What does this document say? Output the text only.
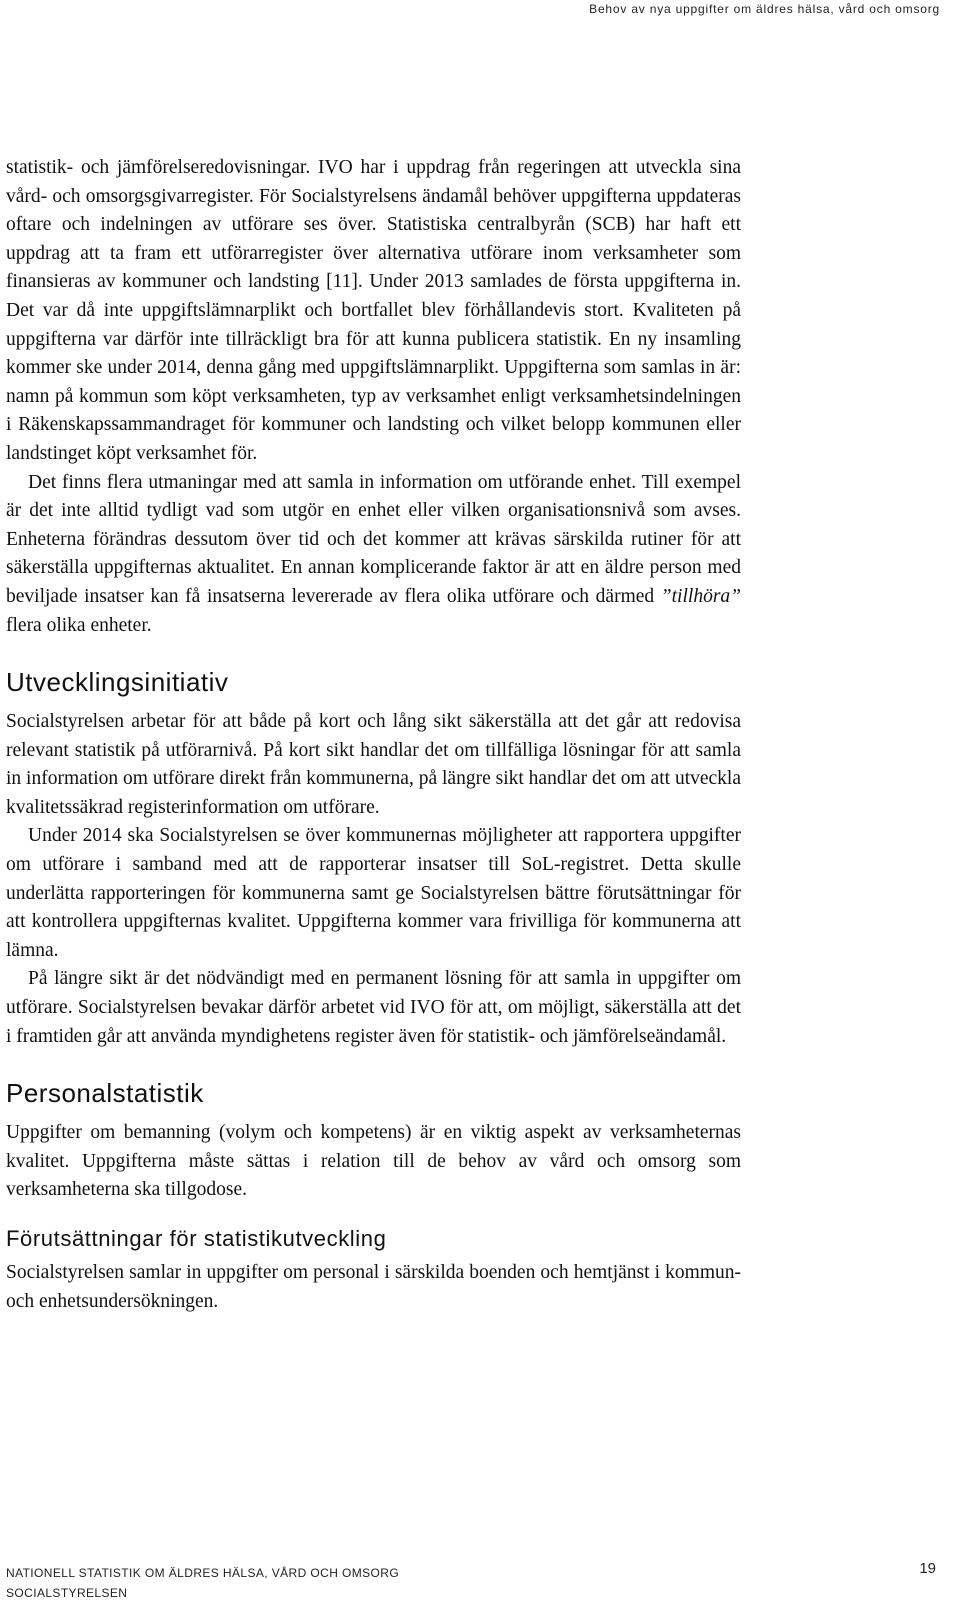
Behov av nya uppgifter om äldres hälsa, vård och omsorg

statistik- och jämförelseredovisningar. IVO har i uppdrag från regeringen att utveckla sina vård- och omsorgsgivarregister. För Socialstyrelsens ändamål behöver uppgifterna uppdateras oftare och indelningen av utförare ses över. Statistiska centralbyrån (SCB) har haft ett uppdrag att ta fram ett utförarregister över alternativa utförare inom verksamheter som finansieras av kommuner och landsting [11]. Under 2013 samlades de första uppgifterna in. Det var då inte uppgiftslämnarplikt och bortfallet blev förhållandevis stort. Kvaliteten på uppgifterna var därför inte tillräckligt bra för att kunna publicera statistik. En ny insamling kommer ske under 2014, denna gång med uppgiftslämnarplikt. Uppgifterna som samlas in är: namn på kommun som köpt verksamheten, typ av verksamhet enligt verksamhetsindelningen i Räkenskapssammandraget för kommuner och landsting och vilket belopp kommunen eller landstinget köpt verksamhet för.

Det finns flera utmaningar med att samla in information om utförande enhet. Till exempel är det inte alltid tydligt vad som utgör en enhet eller vilken organisationsnivå som avses. Enheterna förändras dessutom över tid och det kommer att krävas särskilda rutiner för att säkerställa uppgifternas aktualitet. En annan komplicerande faktor är att en äldre person med beviljade insatser kan få insatserna levererade av flera olika utförare och därmed ”tillhöra” flera olika enheter.

Utvecklingsinitiativ

Socialstyrelsen arbetar för att både på kort och lång sikt säkerställa att det går att redovisa relevant statistik på utförarnivå. På kort sikt handlar det om tillfälliga lösningar för att samla in information om utförare direkt från kommunerna, på längre sikt handlar det om att utveckla kvalitetssäkrad registerinformation om utförare.

Under 2014 ska Socialstyrelsen se över kommunernas möjligheter att rapportera uppgifter om utförare i samband med att de rapporterar insatser till SoL-registret. Detta skulle underlätta rapporteringen för kommunerna samt ge Socialstyrelsen bättre förutsättningar för att kontrollera uppgifternas kvalitet. Uppgifterna kommer vara frivilliga för kommunerna att lämna.

På längre sikt är det nödvändigt med en permanent lösning för att samla in uppgifter om utförare. Socialstyrelsen bevakar därför arbetet vid IVO för att, om möjligt, säkerställa att det i framtiden går att använda myndighetens register även för statistik- och jämförelseändamål.

Personalstatistik

Uppgifter om bemanning (volym och kompetens) är en viktig aspekt av verksamheternas kvalitet. Uppgifterna måste sättas i relation till de behov av vård och omsorg som verksamheterna ska tillgodose.

Förutsättningar för statistikutveckling

Socialstyrelsen samlar in uppgifter om personal i särskilda boenden och hemtjänst i kommun- och enhetsundersökningen.

NATIONELL STATISTIK OM ÄLDRES HÄLSA, VÅRD OCH OMSORG
SOCIALSTYRELSEN
19
